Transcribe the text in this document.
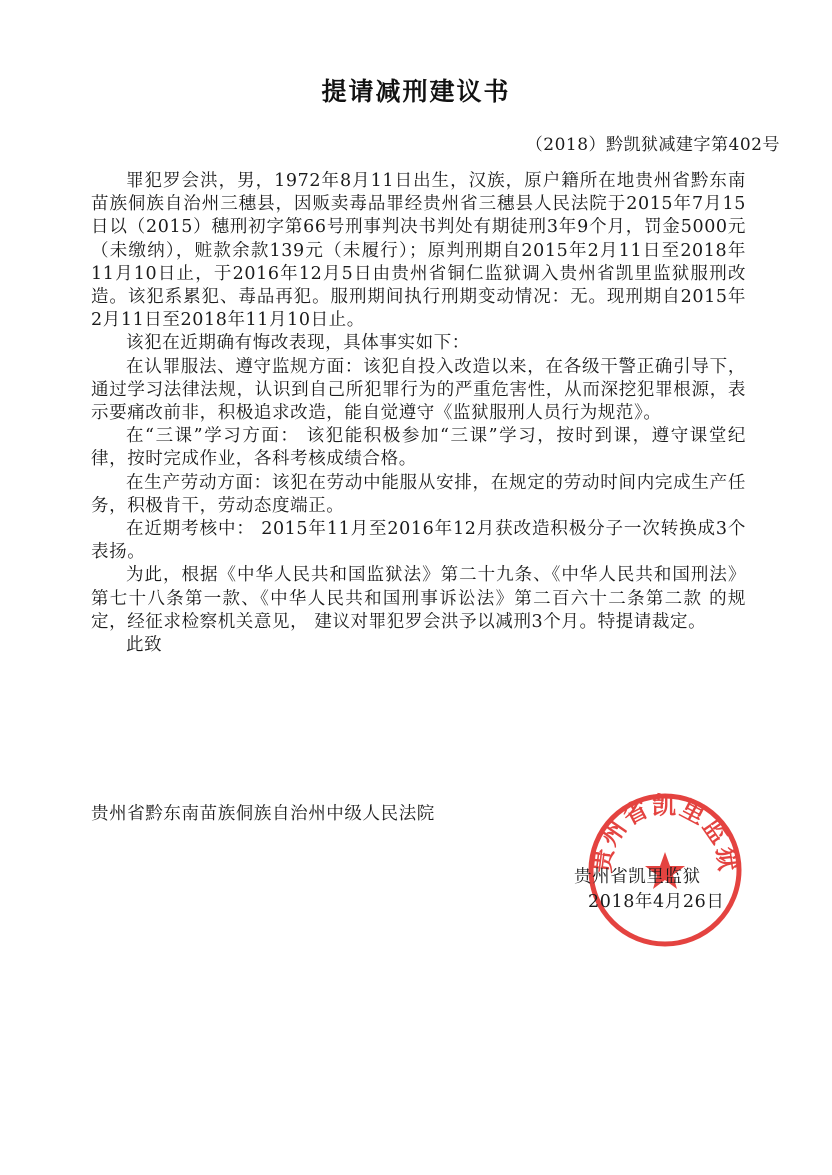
提请减刑建议书
（2018）黔凯狱减建字第402号

罪犯罗会洪，男，1972年8月11日出生，汉族，原户籍所在地贵州省黔东南苗族侗族自治州三穗县，因贩卖毒品罪经贵州省三穗县人民法院于2015年7月15日以（2015）穗刑初字第66号刑事判决书判处有期徒刑3年9个月，罚金5000元（未缴纳），赃款余款139元（未履行）；原判刑期自2015年2月11日至2018年11月10日止，于2016年12月5日由贵州省铜仁监狱调入贵州省凯里监狱服刑改造。该犯系累犯、毒品再犯。服刑期间执行刑期变动情况：无。现刑期自2015年2月11日至2018年11月10日止。

该犯在近期确有悔改表现，具体事实如下：

在认罪服法、遵守监规方面：该犯自投入改造以来，在各级干警正确引导下，通过学习法律法规，认识到自己所犯罪行为的严重危害性，从而深挖犯罪根源，表示要痛改前非，积极追求改造，能自觉遵守《监狱服刑人员行为规范》。

在“三课”学习方面： 该犯能积极参加“三课”学习，按时到课，遵守课堂纪律，按时完成作业，各科考核成绩合格。

在生产劳动方面：该犯在劳动中能服从安排，在规定的劳动时间内完成生产任务，积极肯干，劳动态度端正。

在近期考核中： 2015年11月至2016年12月获改造积极分子一次转换成3个表扬。

为此，根据《中华人民共和国监狱法》第二十九条、《中华人民共和国刑法》第七十八条第一款、《中华人民共和国刑事诉讼法》第二百六十二条第二款 的规定，经征求检察机关意见， 建议对罪犯罗会洪予以减刑3个月。特提请裁定。

此致

贵州省黔东南苗族侗族自治州中级人民法院
贵州省凯里监狱
贵州省凯里监狱
2018年4月26日
